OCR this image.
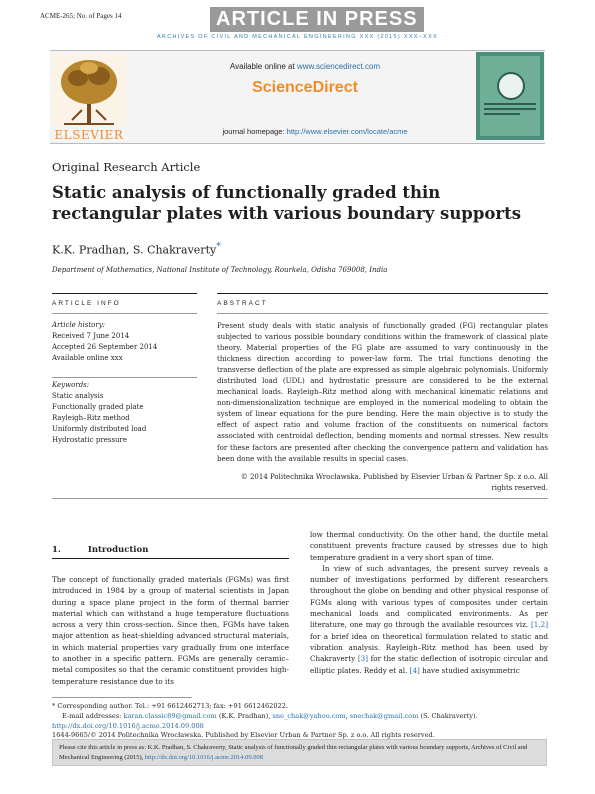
ACME-265; No. of Pages 14	ARTICLE IN PRESS
ARCHIVES OF CIVIL AND MECHANICAL ENGINEERING XXX (2015) XXX–XXX
ELSEVIER
Available online at www.sciencedirect.com
ScienceDirect
journal homepage: http://www.elsevier.com/locate/acme
Original Research Article
Static analysis of functionally graded thin
rectangular plates with various boundary supports
K.K. Pradhan, S. Chakraverty*
Department of Mathematics, National Institute of Technology, Rourkela, Odisha 769008, India
ARTICLE INFO	ABSTRACT
Article history:
Received 7 June 2014
Accepted 26 September 2014
Available online xxx
Keywords:
Static analysis
Functionally graded plate
Rayleigh–Ritz method
Uniformly distributed load
Hydrostatic pressure
Present study deals with static analysis of functionally graded (FG) rectangular plates subjected to various possible boundary conditions within the framework of classical plate theory. Material properties of the FG plate are assumed to vary continuously in the thickness direction according to power-law form. The trial functions denoting the transverse deflection of the plate are expressed as simple algebraic polynomials. Uniformly distributed load (UDL) and hydrostatic pressure are considered to be the external mechanical loads. Rayleigh–Ritz method along with mechanical kinematic relations and non-dimensionalization technique are employed in the numerical modeling to obtain the system of linear equations for the pure bending. Here the main objective is to study the effect of aspect ratio and volume fraction of the constituents on numerical factors associated with centroidal deflection, bending moments and normal stresses. New results for these factors are presented after checking the convergence pattern and validation has been done with the available results in special cases.
© 2014 Politechnika Wrocławska. Published by Elsevier Urban & Partner Sp. z o.o. All
rights reserved.
1.	Introduction

The concept of functionally graded materials (FGMs) was first introduced in 1984 by a group of material scientists in Japan during a space plane project in the form of thermal barrier material which can withstand a huge temperature fluctuations across a very thin cross-section. Since then, FGMs have taken major attention as heat-shielding advanced structural materials, in which material properties vary gradually from one interface to another in a specific pattern. FGMs are generally ceramic–metal composites so that the ceramic constituent provides high-temperature resistance due to its

low thermal conductivity. On the other hand, the ductile metal constituent prevents fracture caused by stresses due to high temperature gradient in a very short span of time.

In view of such advantages, the present survey reveals a number of investigations performed by different researchers throughout the globe on bending and other physical response of FGMs along with various types of composites under certain mechanical loads and complicated environments. As per literature, one may go through the available resources viz. [1,2] for a brief idea on theoretical formulation related to static and vibration analysis. Rayleigh–Ritz method has been used by Chakraverty [3] for the static deflection of isotropic circular and elliptic plates. Reddy et al. [4] have studied axisymmetric

* Corresponding author. Tel.: +91 6612462713; fax: +91 6612462022.
E-mail addresses: karan.classic89@gmail.com (K.K. Pradhan), sne_chak@yahoo.com, snechak@gmail.com (S. Chakraverty).
http://dx.doi.org/10.1016/j.acme.2014.09.008
1644-9665/© 2014 Politechnika Wrocławska. Published by Elsevier Urban & Partner Sp. z o.o. All rights reserved.
Please cite this article in press as: K.K. Pradhan, S. Chakraverty, Static analysis of functionally graded thin rectangular plates with various boundary supports, Archives of Civil and Mechanical Engineering (2015), http://dx.doi.org/10.1016/j.acme.2014.09.008
